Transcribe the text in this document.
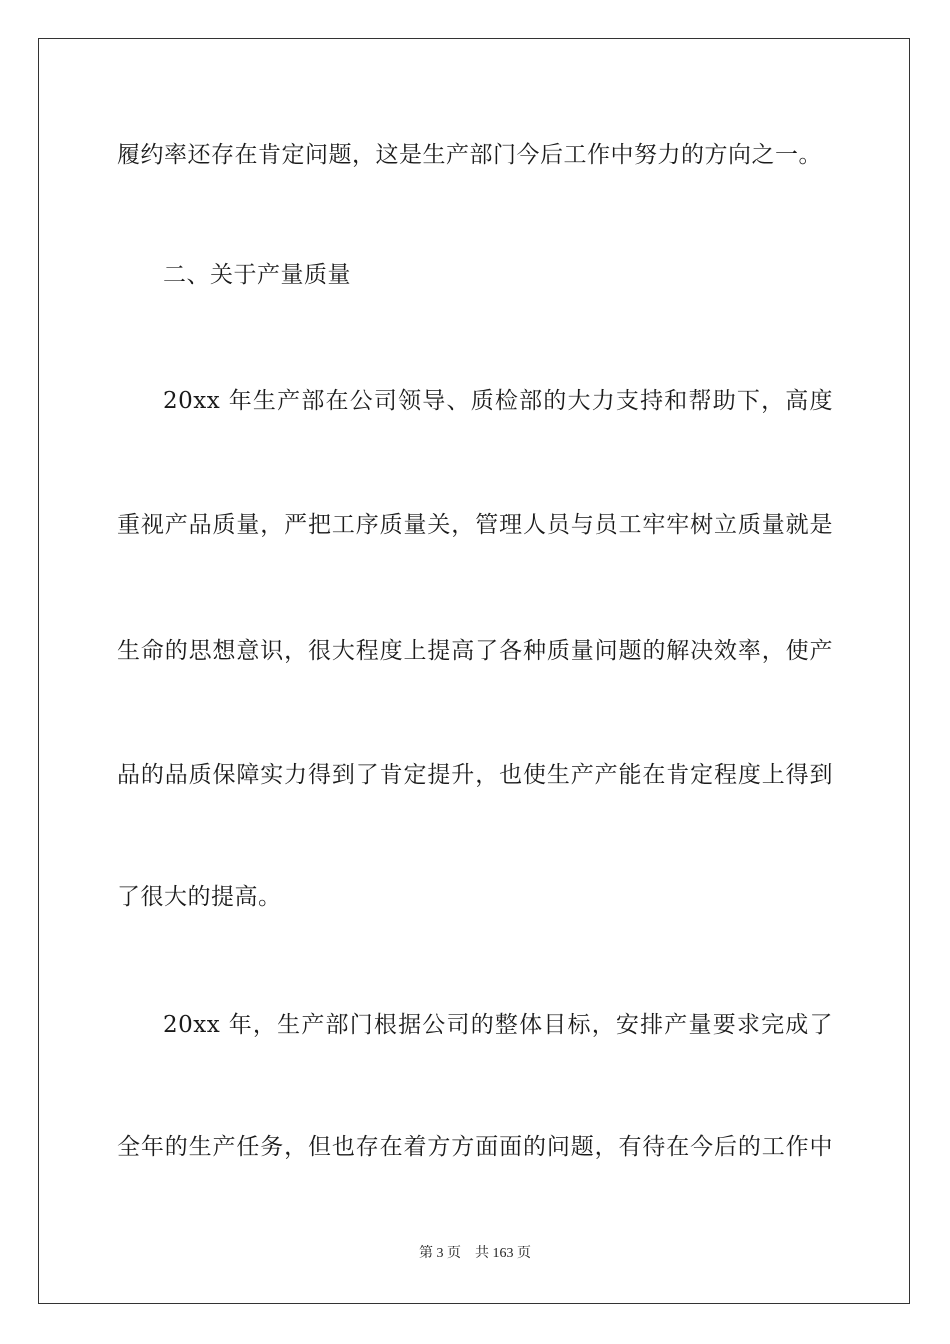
履约率还存在肯定问题，这是生产部门今后工作中努力的方向之一。
二、关于产量质量
20xx 年生产部在公司领导、质检部的大力支持和帮助下，高度
重视产品质量，严把工序质量关，管理人员与员工牢牢树立质量就是
生命的思想意识，很大程度上提高了各种质量问题的解决效率，使产
品的品质保障实力得到了肯定提升，也使生产产能在肯定程度上得到
了很大的提高。
20xx 年，生产部门根据公司的整体目标，安排产量要求完成了
全年的生产任务，但也存在着方方面面的问题，有待在今后的工作中
第 3 页 共 163 页
